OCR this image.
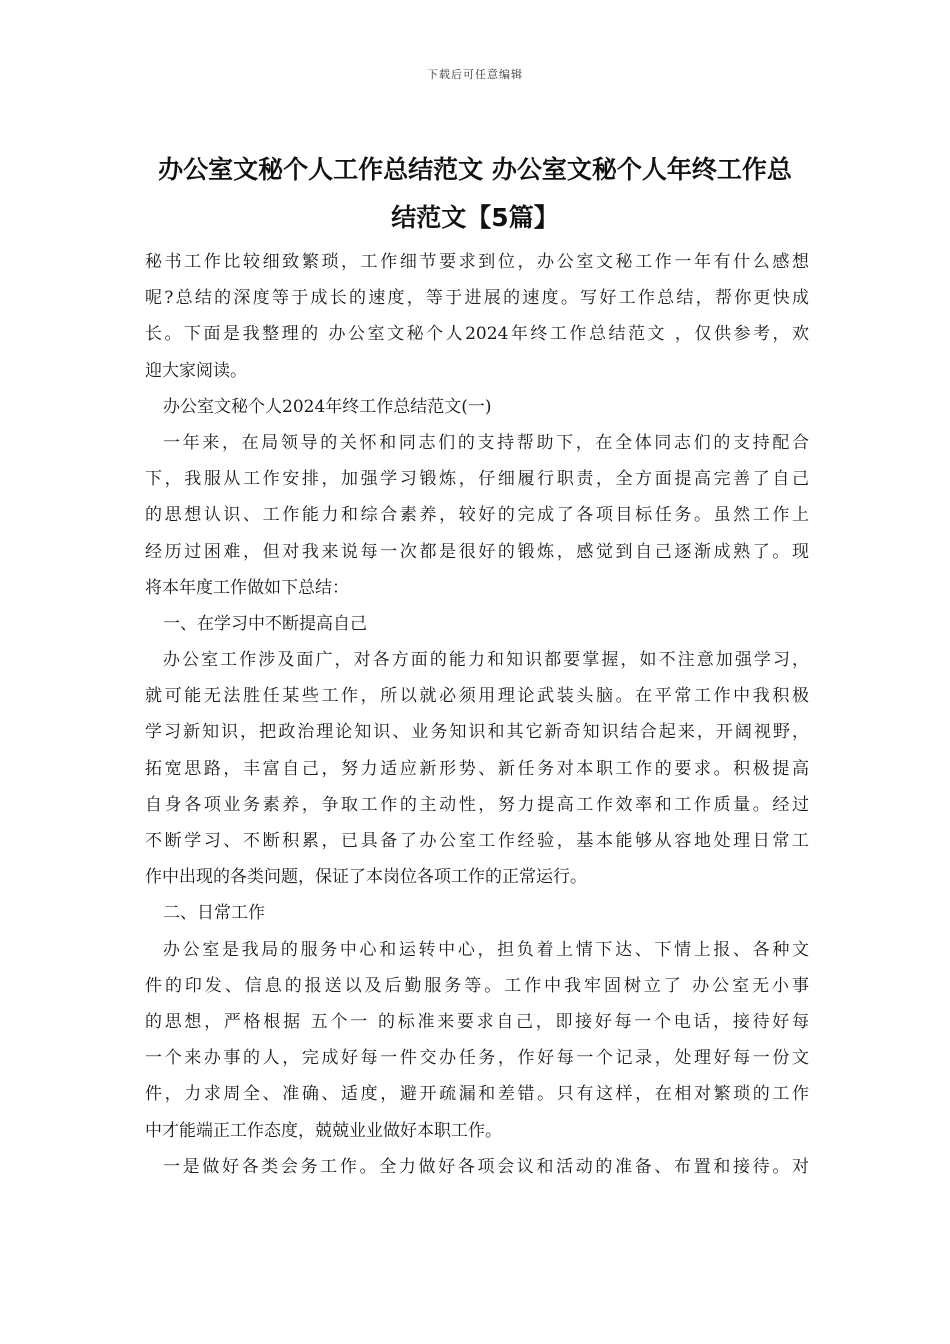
下载后可任意编辑
办公室文秘个人工作总结范文 办公室文秘个人年终工作总
结范文【5篇】
秘书工作比较细致繁琐，工作细节要求到位，办公室文秘工作一年有什么感想
呢?总结的深度等于成长的速度，等于进展的速度。写好工作总结，帮你更快成
长。下面是我整理的 办公室文秘个人2024年终工作总结范文 ，仅供参考，欢
迎大家阅读。
办公室文秘个人2024年终工作总结范文(一)
一年来，在局领导的关怀和同志们的支持帮助下，在全体同志们的支持配合
下，我服从工作安排，加强学习锻炼，仔细履行职责，全方面提高完善了自己
的思想认识、工作能力和综合素养，较好的完成了各项目标任务。虽然工作上
经历过困难，但对我来说每一次都是很好的锻炼，感觉到自己逐渐成熟了。现
将本年度工作做如下总结：
一、在学习中不断提高自己
办公室工作涉及面广，对各方面的能力和知识都要掌握，如不注意加强学习，
就可能无法胜任某些工作，所以就必须用理论武装头脑。在平常工作中我积极
学习新知识，把政治理论知识、业务知识和其它新奇知识结合起来，开阔视野，
拓宽思路，丰富自己，努力适应新形势、新任务对本职工作的要求。积极提高
自身各项业务素养，争取工作的主动性，努力提高工作效率和工作质量。经过
不断学习、不断积累，已具备了办公室工作经验，基本能够从容地处理日常工
作中出现的各类问题，保证了本岗位各项工作的正常运行。
二、日常工作
办公室是我局的服务中心和运转中心，担负着上情下达、下情上报、各种文
件的印发、信息的报送以及后勤服务等。工作中我牢固树立了 办公室无小事
的思想，严格根据 五个一 的标准来要求自己，即接好每一个电话，接待好每
一个来办事的人，完成好每一件交办任务，作好每一个记录，处理好每一份文
件，力求周全、准确、适度，避开疏漏和差错。只有这样，在相对繁琐的工作
中才能端正工作态度，兢兢业业做好本职工作。
一是做好各类会务工作。全力做好各项会议和活动的准备、布置和接待。对
